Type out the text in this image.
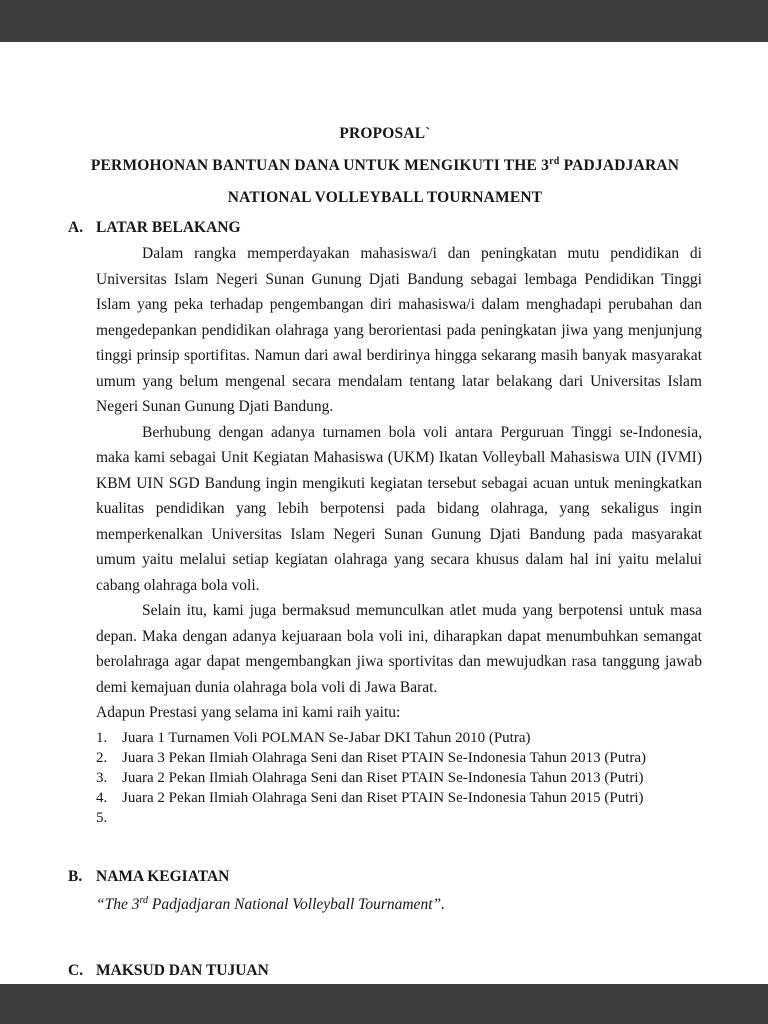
PROPOSAL`
PERMOHONAN BANTUAN DANA UNTUK MENGIKUTI THE 3rd PADJADJARAN
NATIONAL VOLLEYBALL TOURNAMENT
A. LATAR BELAKANG

Dalam rangka memperdayakan mahasiswa/i dan peningkatan mutu pendidikan di Universitas Islam Negeri Sunan Gunung Djati Bandung sebagai lembaga Pendidikan Tinggi Islam yang peka terhadap pengembangan diri mahasiswa/i dalam menghadapi perubahan dan mengedepankan pendidikan olahraga yang berorientasi pada peningkatan jiwa yang menjunjung tinggi prinsip sportifitas. Namun dari awal berdirinya hingga sekarang masih banyak masyarakat umum yang belum mengenal secara mendalam tentang latar belakang dari Universitas Islam Negeri Sunan Gunung Djati Bandung.

Berhubung dengan adanya turnamen bola voli antara Perguruan Tinggi se-Indonesia, maka kami sebagai Unit Kegiatan Mahasiswa (UKM) Ikatan Volleyball Mahasiswa UIN (IVMI) KBM UIN SGD Bandung ingin mengikuti kegiatan tersebut sebagai acuan untuk meningkatkan kualitas pendidikan yang lebih berpotensi pada bidang olahraga, yang sekaligus ingin memperkenalkan Universitas Islam Negeri Sunan Gunung Djati Bandung pada masyarakat umum yaitu melalui setiap kegiatan olahraga yang secara khusus dalam hal ini yaitu melalui cabang olahraga bola voli.

Selain itu, kami juga bermaksud memunculkan atlet muda yang berpotensi untuk masa depan. Maka dengan adanya kejuaraan bola voli ini, diharapkan dapat menumbuhkan semangat berolahraga agar dapat mengembangkan jiwa sportivitas dan mewujudkan rasa tanggung jawab demi kemajuan dunia olahraga bola voli di Jawa Barat.

Adapun Prestasi yang selama ini kami raih yaitu:

1. Juara 1 Turnamen Voli POLMAN Se-Jabar DKI Tahun 2010 (Putra)
2. Juara 3 Pekan Ilmiah Olahraga Seni dan Riset PTAIN Se-Indonesia Tahun 2013 (Putra)
3. Juara 2 Pekan Ilmiah Olahraga Seni dan Riset PTAIN Se-Indonesia Tahun 2013 (Putri)
4. Juara 2 Pekan Ilmiah Olahraga Seni dan Riset PTAIN Se-Indonesia Tahun 2015 (Putri)
5.
B. NAMA KEGIATAN
“The 3rd Padjadjaran National Volleyball Tournament”.
C. MAKSUD DAN TUJUAN
